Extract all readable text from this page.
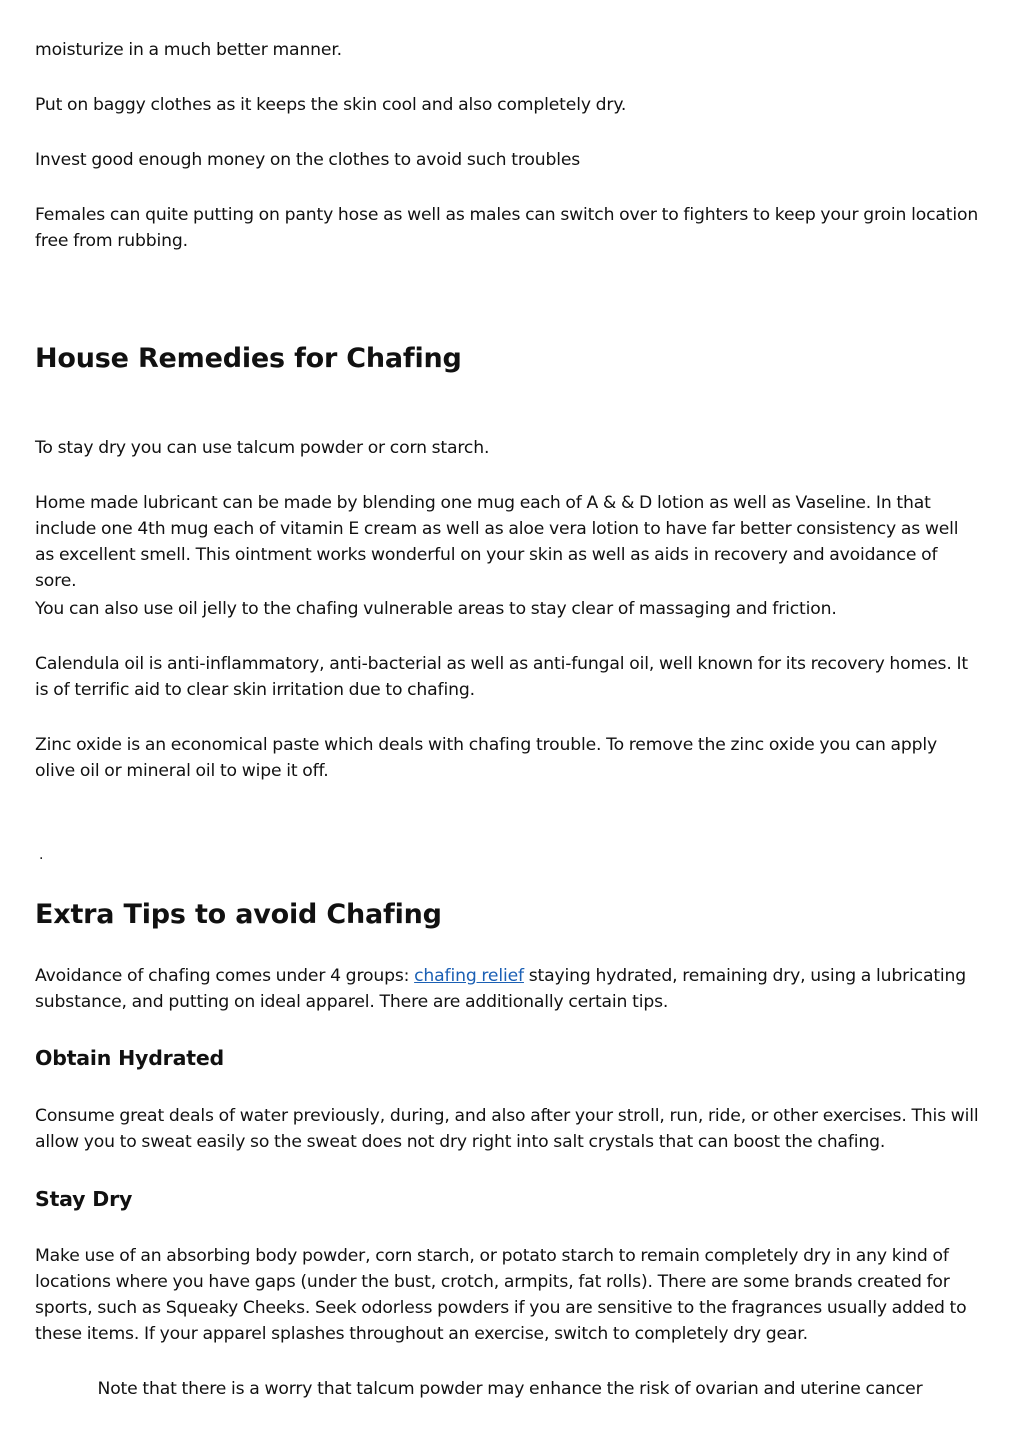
moisturize in a much better manner.

Put on baggy clothes as it keeps the skin cool and also completely dry.

Invest good enough money on the clothes to avoid such troubles

Females can quite putting on panty hose as well as males can switch over to fighters to keep your groin location free from rubbing.

House Remedies for Chafing

To stay dry you can use talcum powder or corn starch.

Home made lubricant can be made by blending one mug each of A & & D lotion as well as Vaseline. In that include one 4th mug each of vitamin E cream as well as aloe vera lotion to have far better consistency as well as excellent smell. This ointment works wonderful on your skin as well as aids in recovery and avoidance of sore.

You can also use oil jelly to the chafing vulnerable areas to stay clear of massaging and friction.

Calendula oil is anti-inflammatory, anti-bacterial as well as anti-fungal oil, well known for its recovery homes. It is of terrific aid to clear skin irritation due to chafing.

Zinc oxide is an economical paste which deals with chafing trouble. To remove the zinc oxide you can apply olive oil or mineral oil to wipe it off.

.
Extra Tips to avoid Chafing

Avoidance of chafing comes under 4 groups: chafing relief staying hydrated, remaining dry, using a lubricating substance, and putting on ideal apparel. There are additionally certain tips.

Obtain Hydrated

Consume great deals of water previously, during, and also after your stroll, run, ride, or other exercises. This will allow you to sweat easily so the sweat does not dry right into salt crystals that can boost the chafing.

Stay Dry

Make use of an absorbing body powder, corn starch, or potato starch to remain completely dry in any kind of locations where you have gaps (under the bust, crotch, armpits, fat rolls). There are some brands created for sports, such as Squeaky Cheeks. Seek odorless powders if you are sensitive to the fragrances usually added to these items. If your apparel splashes throughout an exercise, switch to completely dry gear.

Note that there is a worry that talcum powder may enhance the risk of ovarian and uterine cancer
